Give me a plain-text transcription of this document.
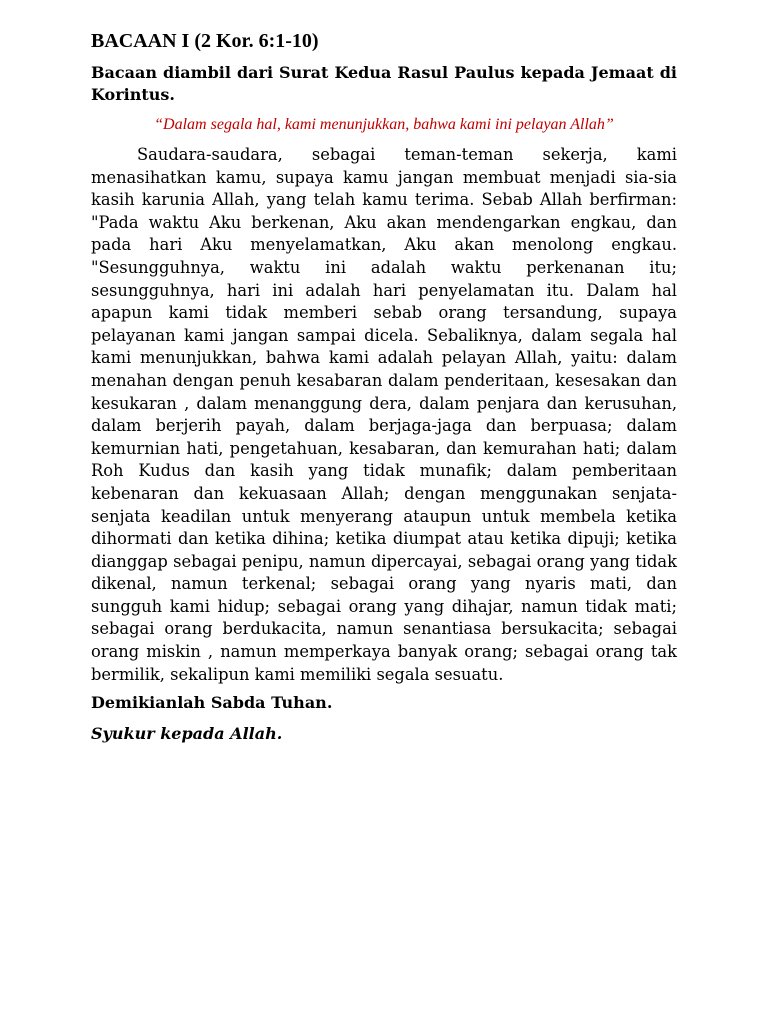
BACAAN I (2 Kor. 6:1-10)
Bacaan diambil dari Surat Kedua Rasul Paulus kepada Jemaat di Korintus.
“Dalam segala hal, kami menunjukkan, bahwa kami ini pelayan Allah”
Saudara-saudara, sebagai teman-teman sekerja, kami menasihatkan kamu, supaya kamu jangan membuat menjadi sia-sia kasih karunia Allah, yang telah kamu terima. Sebab Allah berfirman: "Pada waktu Aku berkenan, Aku akan mendengarkan engkau, dan pada hari Aku menyelamatkan, Aku akan menolong engkau. "Sesungguhnya, waktu ini adalah waktu perkenanan itu; sesungguhnya, hari ini adalah hari penyelamatan itu. Dalam hal apapun kami tidak memberi sebab orang tersandung, supaya pelayanan kami jangan sampai dicela. Sebaliknya, dalam segala hal kami menunjukkan, bahwa kami adalah pelayan Allah, yaitu: dalam menahan dengan penuh kesabaran dalam penderitaan, kesesakan dan kesukaran , dalam menanggung dera, dalam penjara dan kerusuhan, dalam berjerih payah, dalam berjaga-jaga dan berpuasa; dalam kemurnian hati, pengetahuan, kesabaran, dan kemurahan hati; dalam Roh Kudus dan kasih yang tidak munafik; dalam pemberitaan kebenaran dan kekuasaan Allah; dengan menggunakan senjata-senjata keadilan untuk menyerang ataupun untuk membela ketika dihormati dan ketika dihina; ketika diumpat atau ketika dipuji; ketika dianggap sebagai penipu, namun dipercayai, sebagai orang yang tidak dikenal, namun terkenal; sebagai orang yang nyaris mati, dan sungguh kami hidup; sebagai orang yang dihajar, namun tidak mati; sebagai orang berdukacita, namun senantiasa bersukacita; sebagai orang miskin , namun memperkaya banyak orang; sebagai orang tak bermilik, sekalipun kami memiliki segala sesuatu.
Demikianlah Sabda Tuhan.
Syukur kepada Allah.
